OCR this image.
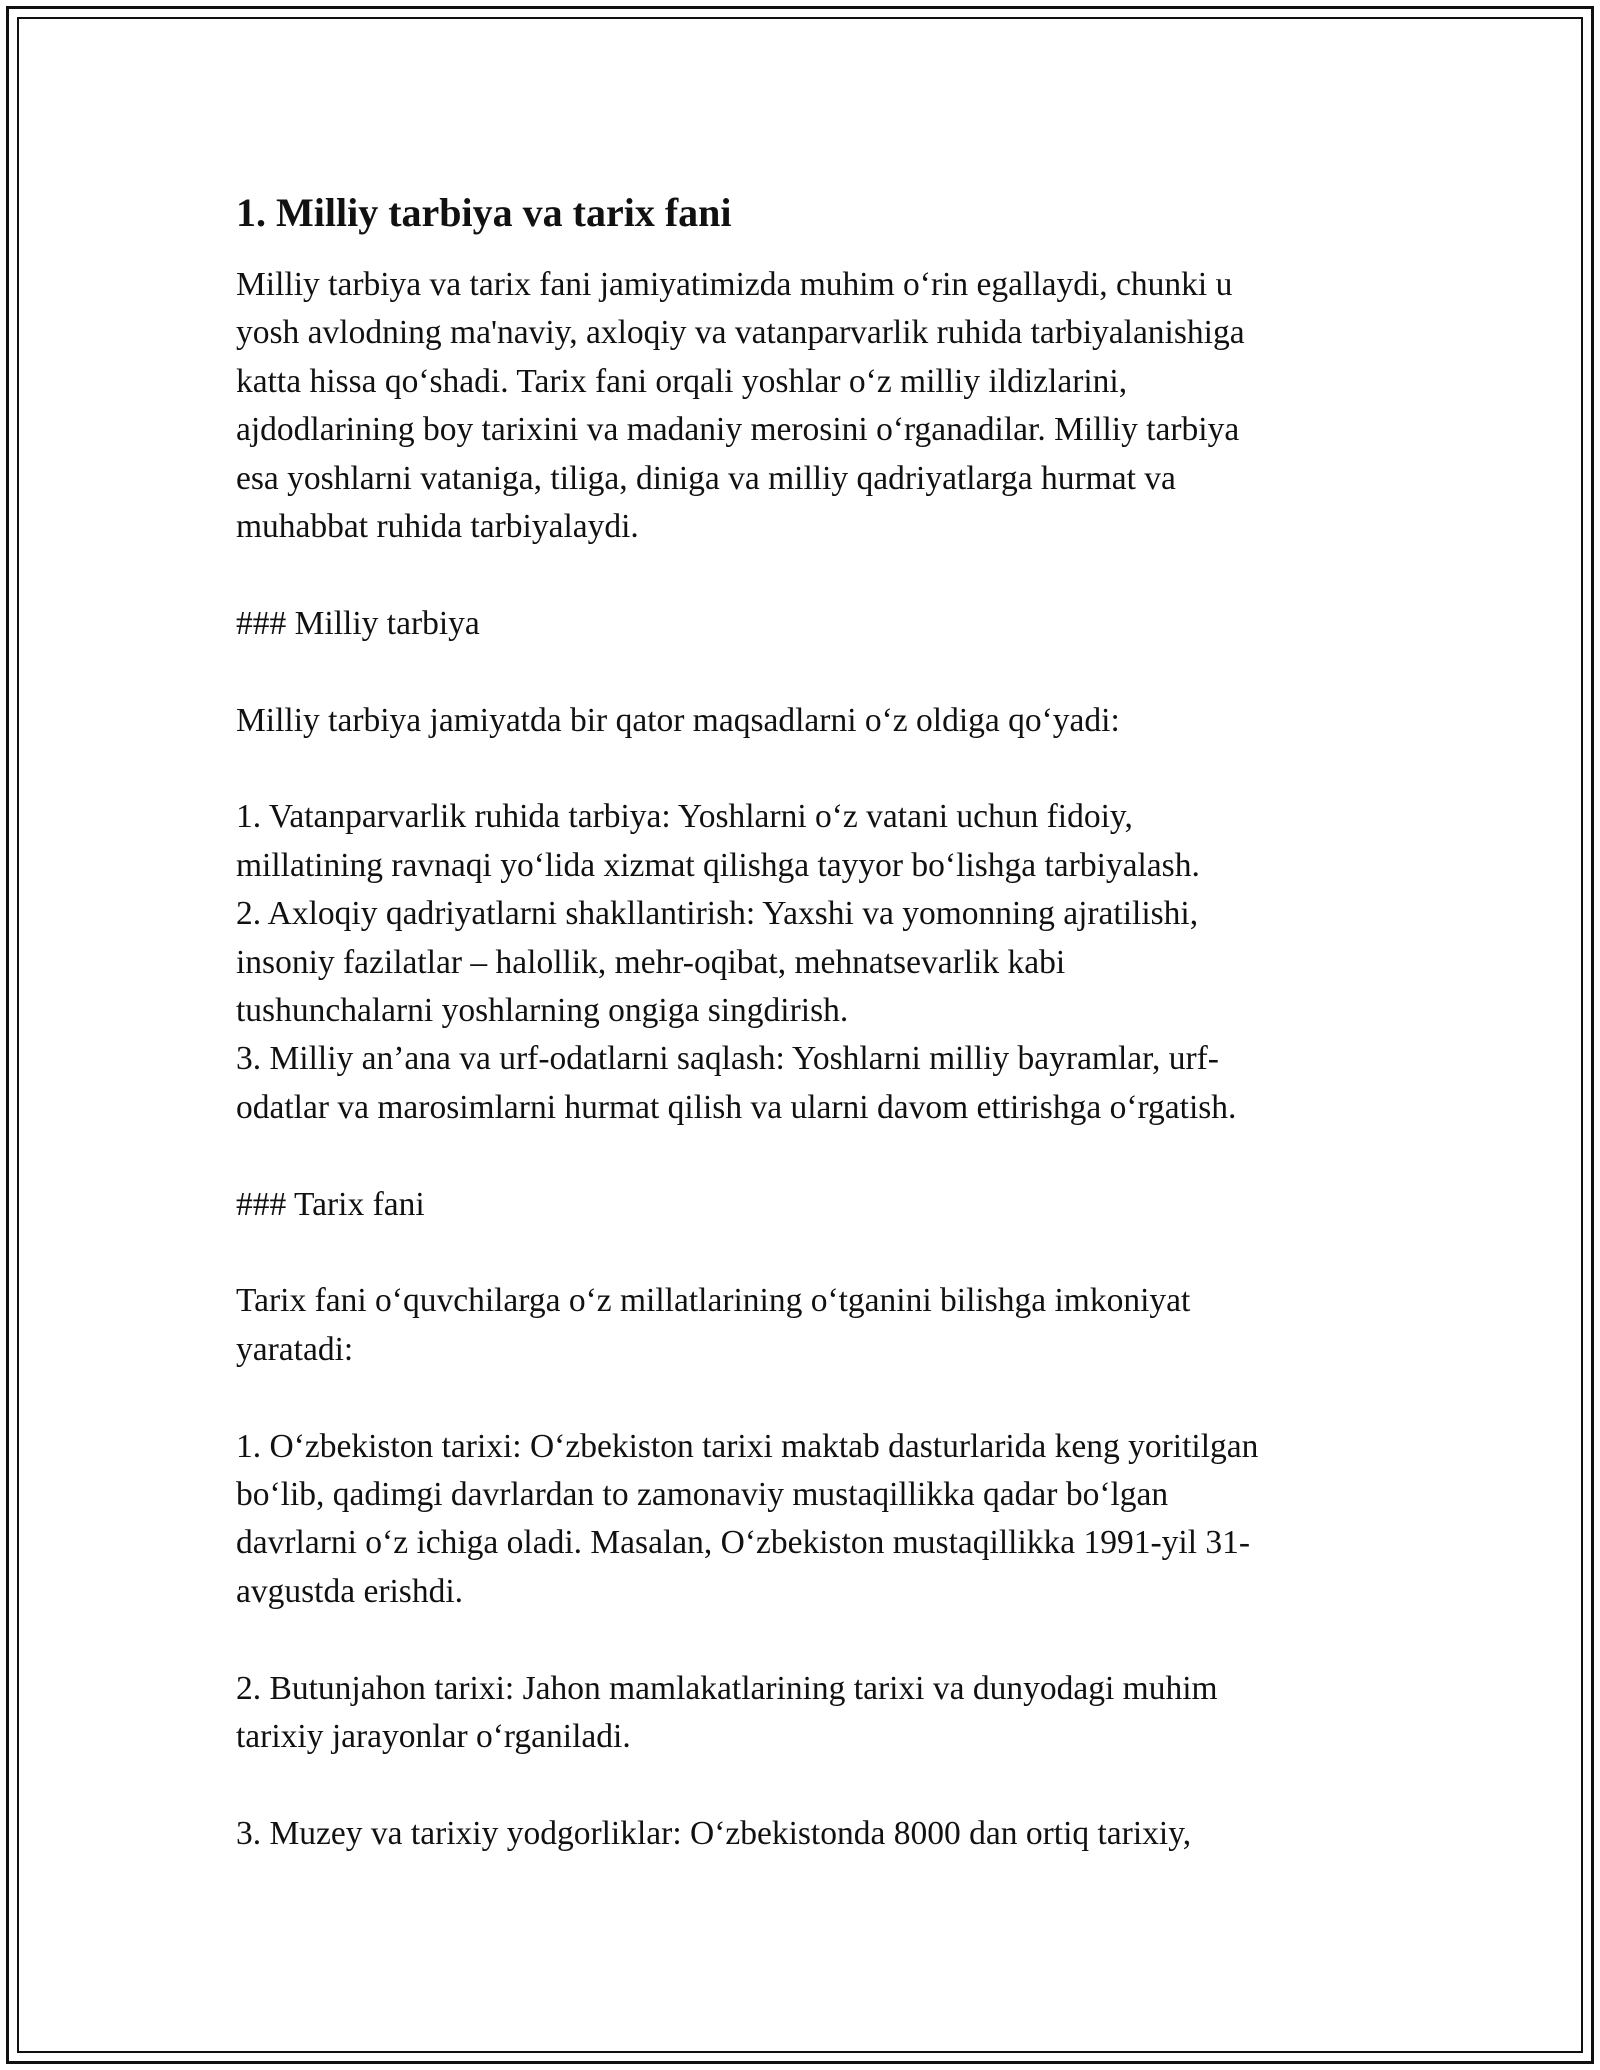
1. Milliy tarbiya va tarix fani

Milliy tarbiya va tarix fani jamiyatimizda muhim o‘rin egallaydi, chunki u
yosh avlodning ma'naviy, axloqiy va vatanparvarlik ruhida tarbiyalanishiga
katta hissa qo‘shadi. Tarix fani orqali yoshlar o‘z milliy ildizlarini,
ajdodlarining boy tarixini va madaniy merosini o‘rganadilar. Milliy tarbiya
esa yoshlarni vataniga, tiliga, diniga va milliy qadriyatlarga hurmat va
muhabbat ruhida tarbiyalaydi.

### Milliy tarbiya

Milliy tarbiya jamiyatda bir qator maqsadlarni o‘z oldiga qo‘yadi:

1. Vatanparvarlik ruhida tarbiya: Yoshlarni o‘z vatani uchun fidoiy,
millatining ravnaqi yo‘lida xizmat qilishga tayyor bo‘lishga tarbiyalash.
2. Axloqiy qadriyatlarni shakllantirish: Yaxshi va yomonning ajratilishi,
insoniy fazilatlar – halollik, mehr-oqibat, mehnatsevarlik kabi
tushunchalarni yoshlarning ongiga singdirish.
3. Milliy an’ana va urf-odatlarni saqlash: Yoshlarni milliy bayramlar, urf-
odatlar va marosimlarni hurmat qilish va ularni davom ettirishga o‘rgatish.

### Tarix fani

Tarix fani o‘quvchilarga o‘z millatlarining o‘tganini bilishga imkoniyat
yaratadi:

1. O‘zbekiston tarixi: O‘zbekiston tarixi maktab dasturlarida keng yoritilgan
bo‘lib, qadimgi davrlardan to zamonaviy mustaqillikka qadar bo‘lgan
davrlarni o‘z ichiga oladi. Masalan, O‘zbekiston mustaqillikka 1991-yil 31-
avgustda erishdi.

2. Butunjahon tarixi: Jahon mamlakatlarining tarixi va dunyodagi muhim
tarixiy jarayonlar o‘rganiladi.

3. Muzey va tarixiy yodgorliklar: O‘zbekistonda 8000 dan ortiq tarixiy,
